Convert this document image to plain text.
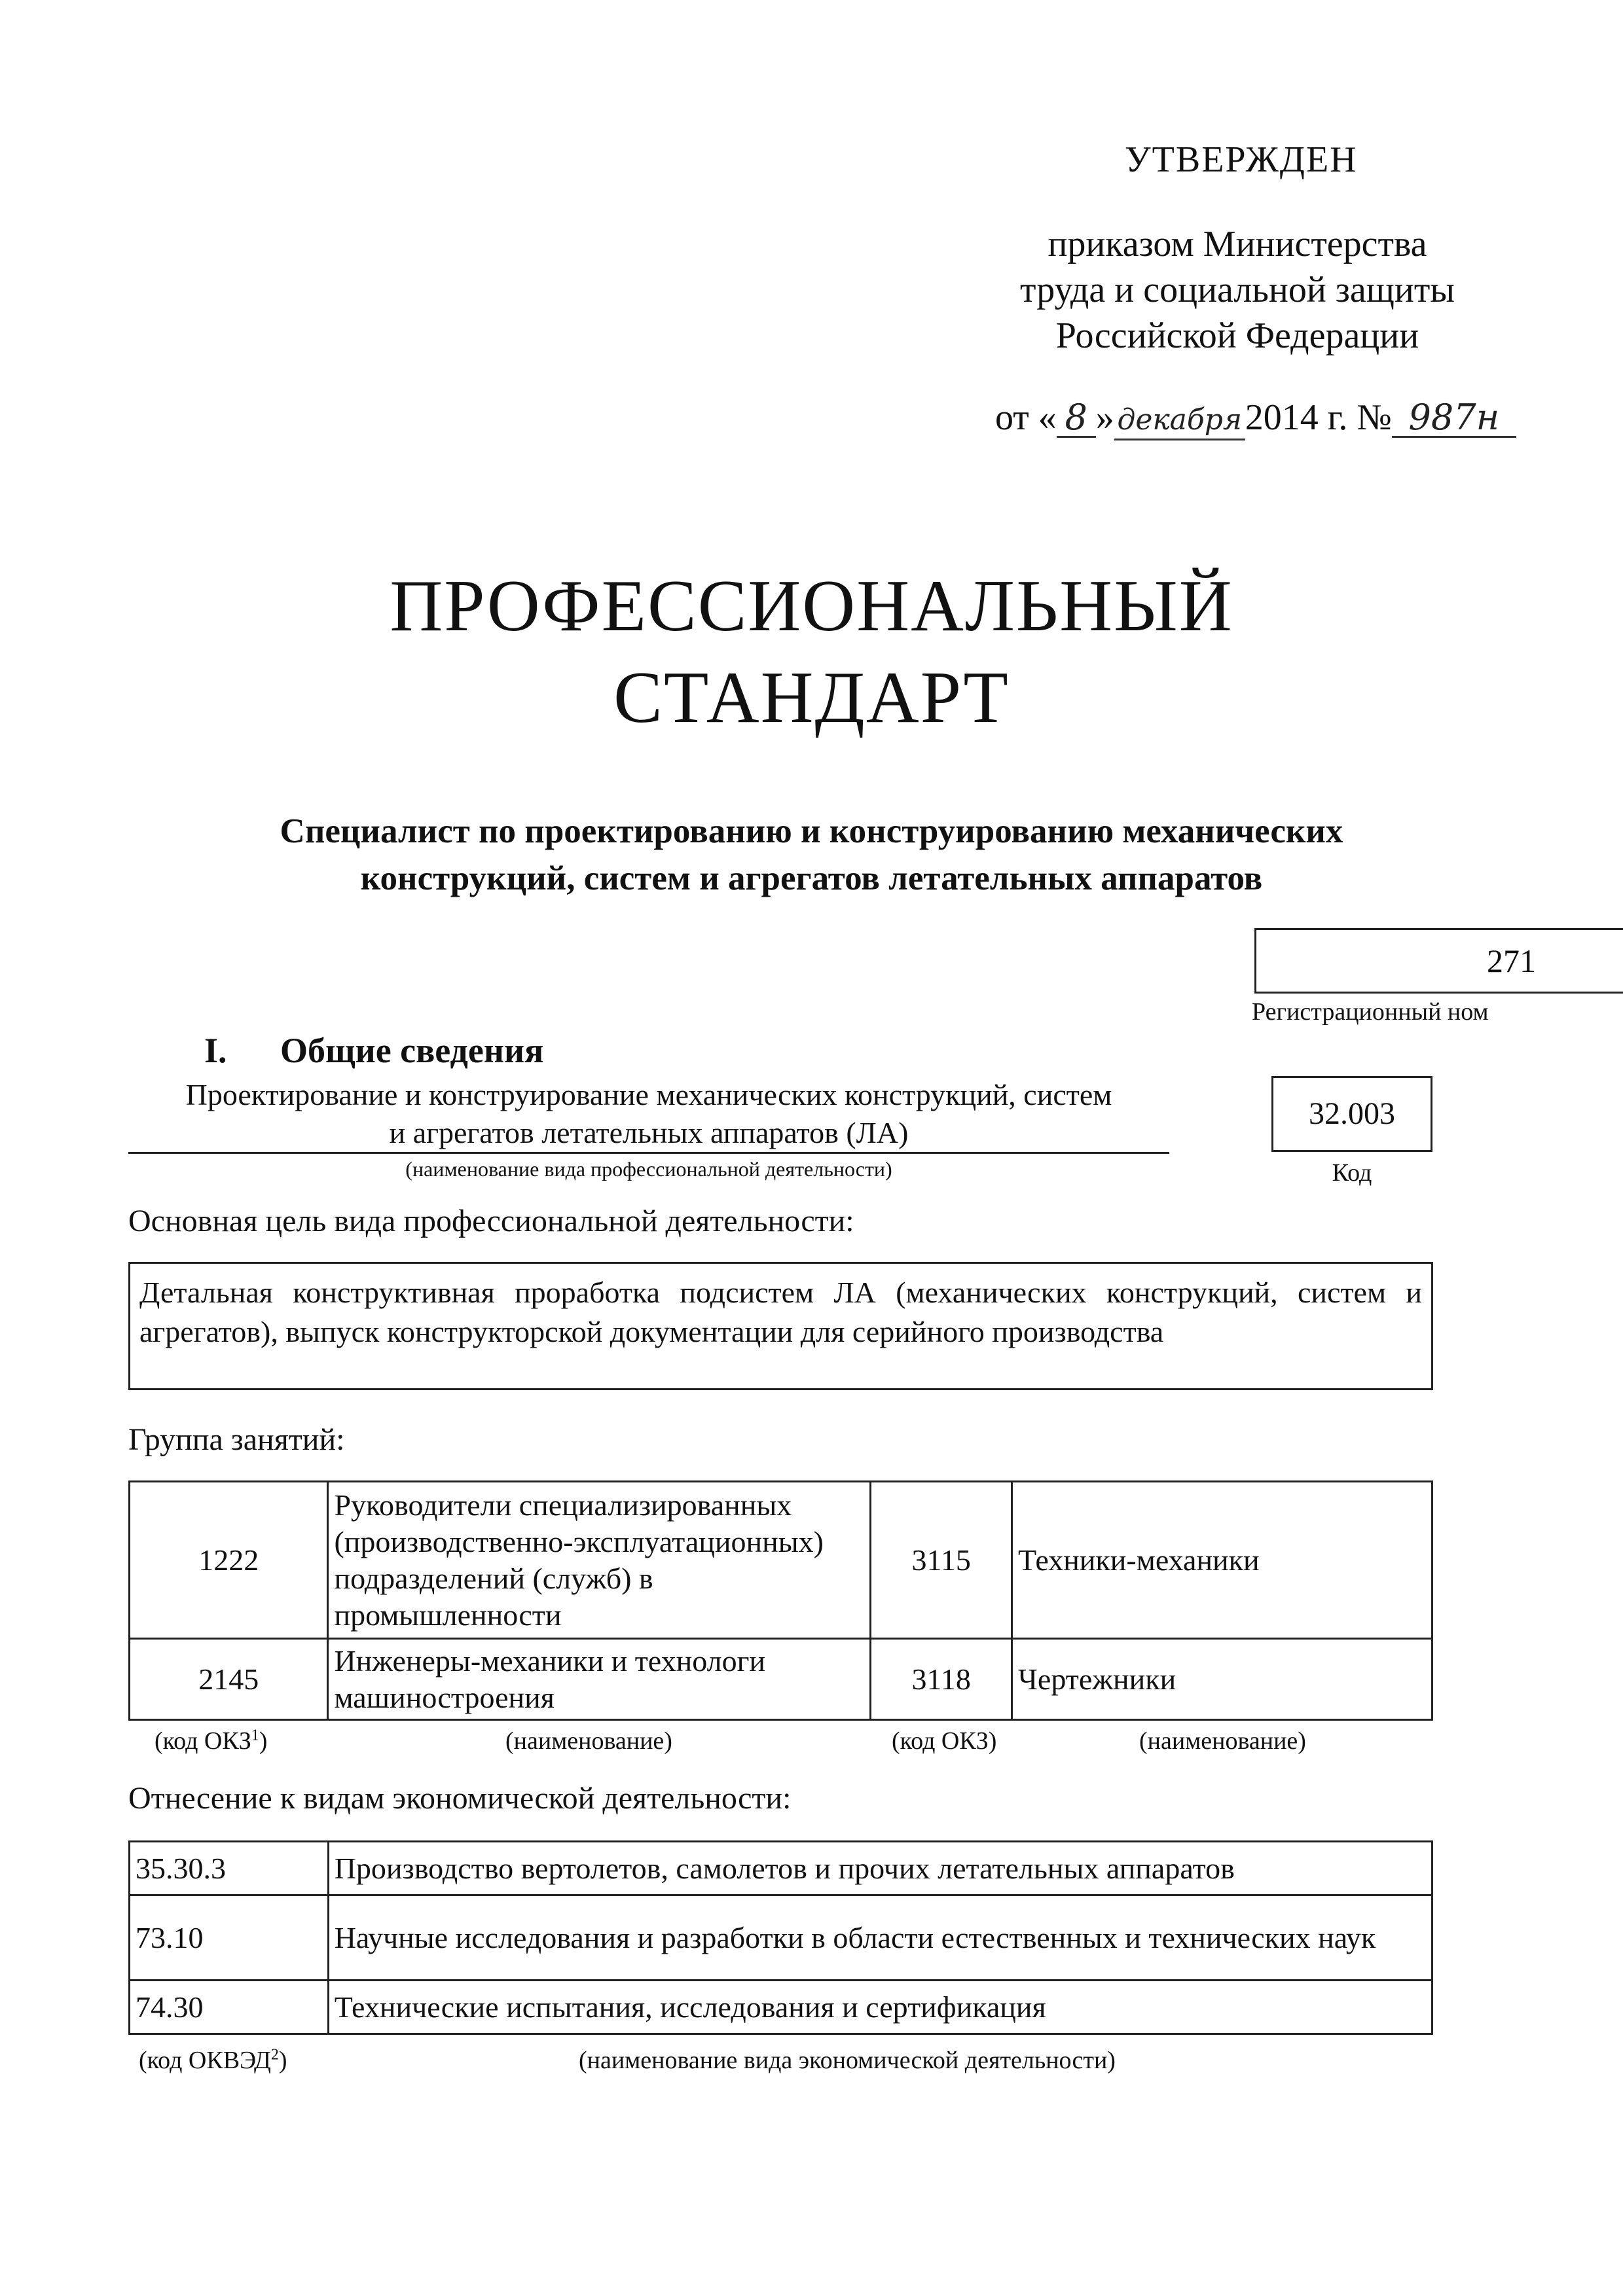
УТВЕРЖДЕН
приказом Министерства
труда и социальной защиты
Российской Федерации
от « 8 » декабря2014 г. № 987н
ПРОФЕССИОНАЛЬНЫЙ
СТАНДАРТ
Специалист по проектированию и конструированию механических
конструкций, систем и агрегатов летательных аппаратов
271
Регистрационный ном
I. Общие сведения
Проектирование и конструирование механических конструкций, систем
и агрегатов летательных аппаратов (ЛА)
(наименование вида профессиональной деятельности)
32.003
Код
Основная цель вида профессиональной деятельности:
Детальная конструктивная проработка подсистем ЛА (механических конструкций, систем и агрегатов), выпуск конструкторской документации для серийного производства
Группа занятий:
1222	Руководители специализированных (производственно-эксплуатационных) подразделений (служб) в промышленности	3115	Техники-механики
2145	Инженеры-механики и технологи машиностроения	3118	Чертежники
(код ОКЗ$^1$)	(наименование)	(код ОКЗ)	(наименование)
Отнесение к видам экономической деятельности:
35.30.3	Производство вертолетов, самолетов и прочих летательных аппаратов
73.10	Научные исследования и разработки в области естественных и технических наук
74.30	Технические испытания, исследования и сертификация
(код ОКВЭД$^2$)	(наименование вида экономической деятельности)
